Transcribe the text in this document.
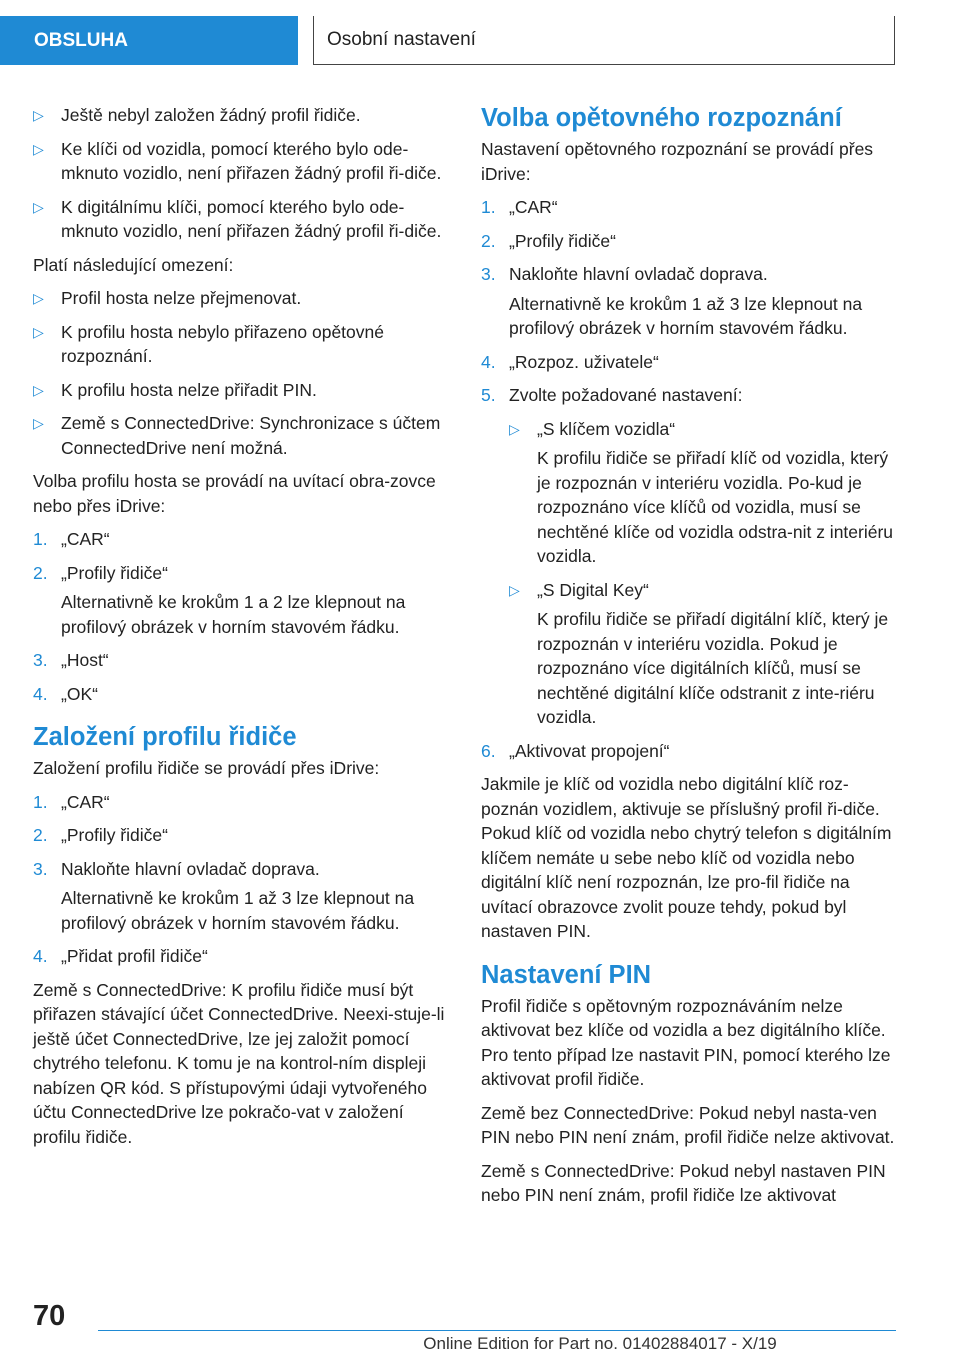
OBSLUHA	Osobní nastavení
▷ Ještě nebyl založen žádný profil řidiče.
▷ Ke klíči od vozidla, pomocí kterého bylo ode‐mknuto vozidlo, není přiřazen žádný profil ři‐diče.
▷ K digitálnímu klíči, pomocí kterého bylo ode‐mknuto vozidlo, není přiřazen žádný profil ři‐diče.
Platí následující omezení:
▷ Profil hosta nelze přejmenovat.
▷ K profilu hosta nebylo přiřazeno opětovné rozpoznání.
▷ K profilu hosta nelze přiřadit PIN.
▷ Země s ConnectedDrive: Synchronizace s účtem ConnectedDrive není možná.
Volba profilu hosta se provádí na uvítací obra‐zovce nebo přes iDrive:
1. „CAR“
2. „Profily řidiče“
Alternativně ke krokům 1 a 2 lze klepnout na profilový obrázek v horním stavovém řádku.
3. „Host“
4. „OK“
Založení profilu řidiče
Založení profilu řidiče se provádí přes iDrive:
1. „CAR“
2. „Profily řidiče“
3. Nakloňte hlavní ovladač doprava.
Alternativně ke krokům 1 až 3 lze klepnout na profilový obrázek v horním stavovém řádku.
4. „Přidat profil řidiče“
Země s ConnectedDrive: K profilu řidiče musí být přiřazen stávající účet ConnectedDrive. Neexi‐stuje-li ještě účet ConnectedDrive, lze jej založit pomocí chytrého telefonu. K tomu je na kontrol‐ním displeji nabízen QR kód. S přístupovými údaji vytvořeného účtu ConnectedDrive lze pokračo‐vat v založení profilu řidiče.
Volba opětovného rozpoznání
Nastavení opětovného rozpoznání se provádí přes iDrive:
1. „CAR“
2. „Profily řidiče“
3. Nakloňte hlavní ovladač doprava.
Alternativně ke krokům 1 až 3 lze klepnout na profilový obrázek v horním stavovém řádku.
4. „Rozpoz. uživatele“
5. Zvolte požadované nastavení:
▷ „S klíčem vozidla“
K profilu řidiče se přiřadí klíč od vozidla, který je rozpoznán v interiéru vozidla. Po‐kud je rozpoznáno více klíčů od vozidla, musí se nechtěné klíče od vozidla odstra‐nit z interiéru vozidla.
▷ „S Digital Key“
K profilu řidiče se přiřadí digitální klíč, který je rozpoznán v interiéru vozidla. Pokud je rozpoznáno více digitálních klíčů, musí se nechtěné digitální klíče odstranit z inte‐riéru vozidla.
6. „Aktivovat propojení“
Jakmile je klíč od vozidla nebo digitální klíč roz‐poznán vozidlem, aktivuje se příslušný profil ři‐diče. Pokud klíč od vozidla nebo chytrý telefon s digitálním klíčem nemáte u sebe nebo klíč od vozidla nebo digitální klíč není rozpoznán, lze pro‐fil řidiče na uvítací obrazovce zvolit pouze tehdy, pokud byl nastaven PIN.
Nastavení PIN
Profil řidiče s opětovným rozpoznáváním nelze aktivovat bez klíče od vozidla a bez digitálního klíče. Pro tento případ lze nastavit PIN, pomocí kterého lze aktivovat profil řidiče.
Země bez ConnectedDrive: Pokud nebyl nasta‐ven PIN nebo PIN není znám, profil řidiče nelze aktivovat.
Země s ConnectedDrive: Pokud nebyl nastaven PIN nebo PIN není znám, profil řidiče lze aktivovat
70
Online Edition for Part no. 01402884017 - X/19
